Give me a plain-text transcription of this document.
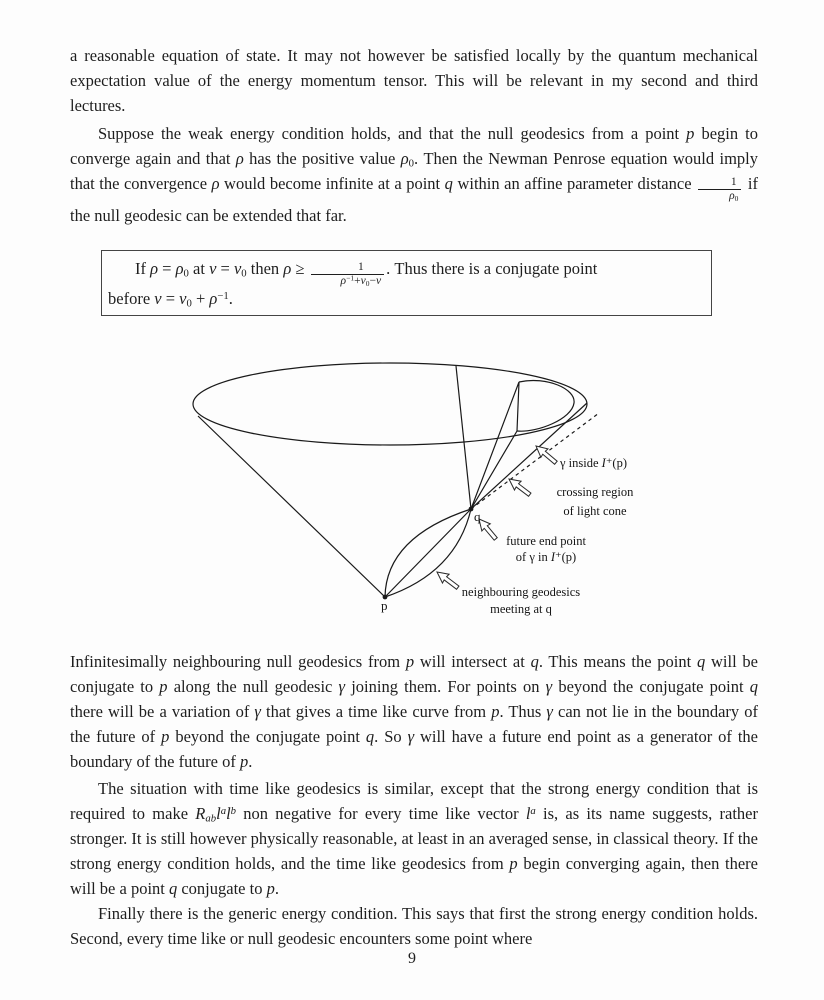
a reasonable equation of state. It may not however be satisfied locally by the quantum mechanical expectation value of the energy momentum tensor. This will be relevant in my second and third lectures.
Suppose the weak energy condition holds, and that the null geodesics from a point p begin to converge again and that ρ has the positive value $\rho_0$. Then the Newman Penrose equation would imply that the convergence ρ would become infinite at a point q within an affine parameter distance $\frac{1}{\rho_0}$ if the null geodesic can be extended that far.
If $\rho = \rho_0$ at $v = v_0$ then $\rho \ge \frac{1}{\rho^{-1}+v_0-v}$ . Thus there is a conjugate point
before $v = v_0 + \rho^{-1}$.
γ inside I⁺(p)
crossing region
of light cone
future end point
of γ in I⁺(p)
neighbouring geodesics
meeting at q
q
p
Infinitesimally neighbouring null geodesics from p will intersect at q. This means the point q will be conjugate to p along the null geodesic γ joining them. For points on γ beyond the conjugate point q there will be a variation of γ that gives a time like curve from p. Thus γ can not lie in the boundary of the future of p beyond the conjugate point q. So γ will have a future end point as a generator of the boundary of the future of p.
The situation with time like geodesics is similar, except that the strong energy condition that is required to make $R_{ab}l^al^b$ non negative for every time like vector $l^a$ is, as its name suggests, rather stronger. It is still however physically reasonable, at least in an averaged sense, in classical theory. If the strong energy condition holds, and the time like geodesics from p begin converging again, then there will be a point q conjugate to p.
Finally there is the generic energy condition. This says that first the strong energy condition holds. Second, every time like or null geodesic encounters some point where
9
